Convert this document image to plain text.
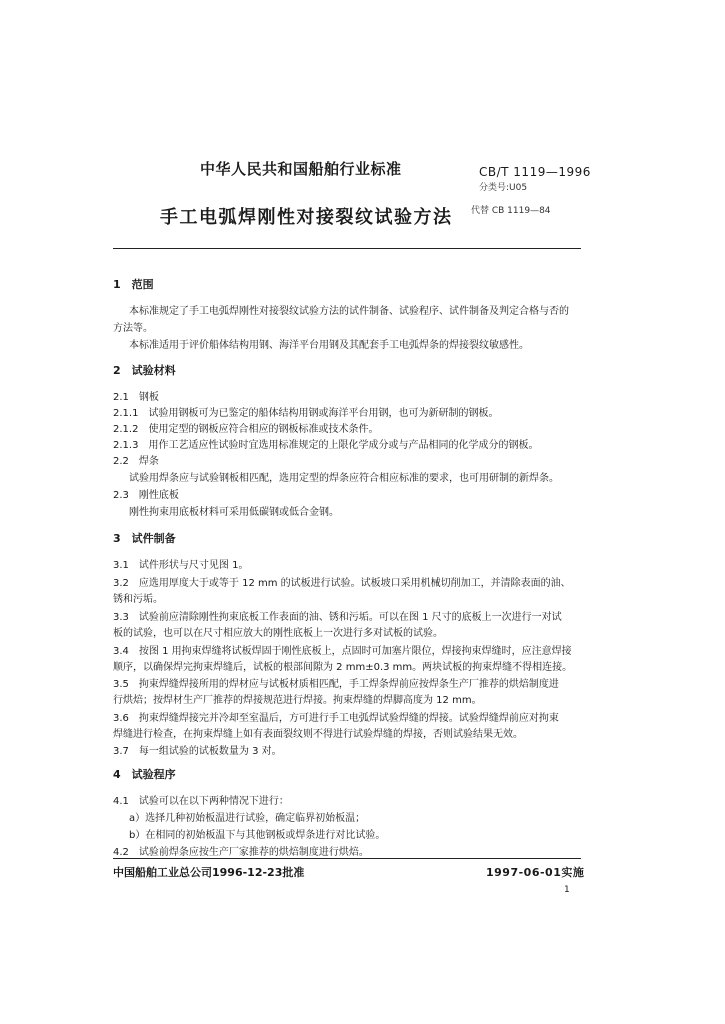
中华人民共和国船舶行业标准
手工电弧焊刚性对接裂纹试验方法
CB/T 1119—1996
分类号:U05
代替 CB 1119—84
1　范围
本标准规定了手工电弧焊刚性对接裂纹试验方法的试件制备、试验程序、试件制备及判定合格与否的
方法等。
本标准适用于评价船体结构用钢、海洋平台用钢及其配套手工电弧焊条的焊接裂纹敏感性。
2　试验材料
2.1　钢板
2.1.1　试验用钢板可为已鉴定的船体结构用钢或海洋平台用钢，也可为新研制的钢板。
2.1.2　使用定型的钢板应符合相应的钢板标准或技术条件。
2.1.3　用作工艺适应性试验时宜选用标准规定的上限化学成分或与产品相同的化学成分的钢板。
2.2　焊条
试验用焊条应与试验钢板相匹配，选用定型的焊条应符合相应标准的要求，也可用研制的新焊条。
2.3　刚性底板
刚性拘束用底板材料可采用低碳钢或低合金钢。
3　试件制备
3.1　试件形状与尺寸见图 1。
3.2　应选用厚度大于或等于 12 mm 的试板进行试验。试板坡口采用机械切削加工，并清除表面的油、
锈和污垢。
3.3　试验前应清除刚性拘束底板工作表面的油、锈和污垢。可以在图 1 尺寸的底板上一次进行一对试
板的试验，也可以在尺寸相应放大的刚性底板上一次进行多对试板的试验。
3.4　按图 1 用拘束焊缝将试板焊固于刚性底板上，点固时可加塞片限位，焊接拘束焊缝时，应注意焊接
顺序，以确保焊完拘束焊缝后，试板的根部间隙为 2 mm±0.3 mm。两块试板的拘束焊缝不得相连接。
3.5　拘束焊缝焊接所用的焊材应与试板材质相匹配，手工焊条焊前应按焊条生产厂推荐的烘焙制度进
行烘焙；按焊材生产厂推荐的焊接规范进行焊接。拘束焊缝的焊脚高度为 12 mm。
3.6　拘束焊缝焊接完并冷却至室温后，方可进行手工电弧焊试验焊缝的焊接。试验焊缝焊前应对拘束
焊缝进行检查，在拘束焊缝上如有表面裂纹则不得进行试验焊缝的焊接，否则试验结果无效。
3.7　每一组试验的试板数量为 3 对。
4　试验程序
4.1　试验可以在以下两种情况下进行：
a）选择几种初始板温进行试验，确定临界初始板温；
b）在相同的初始板温下与其他钢板或焊条进行对比试验。
4.2　试验前焊条应按生产厂家推荐的烘焙制度进行烘焙。
中国船舶工业总公司1996-12-23批准	1997-06-01实施
1
